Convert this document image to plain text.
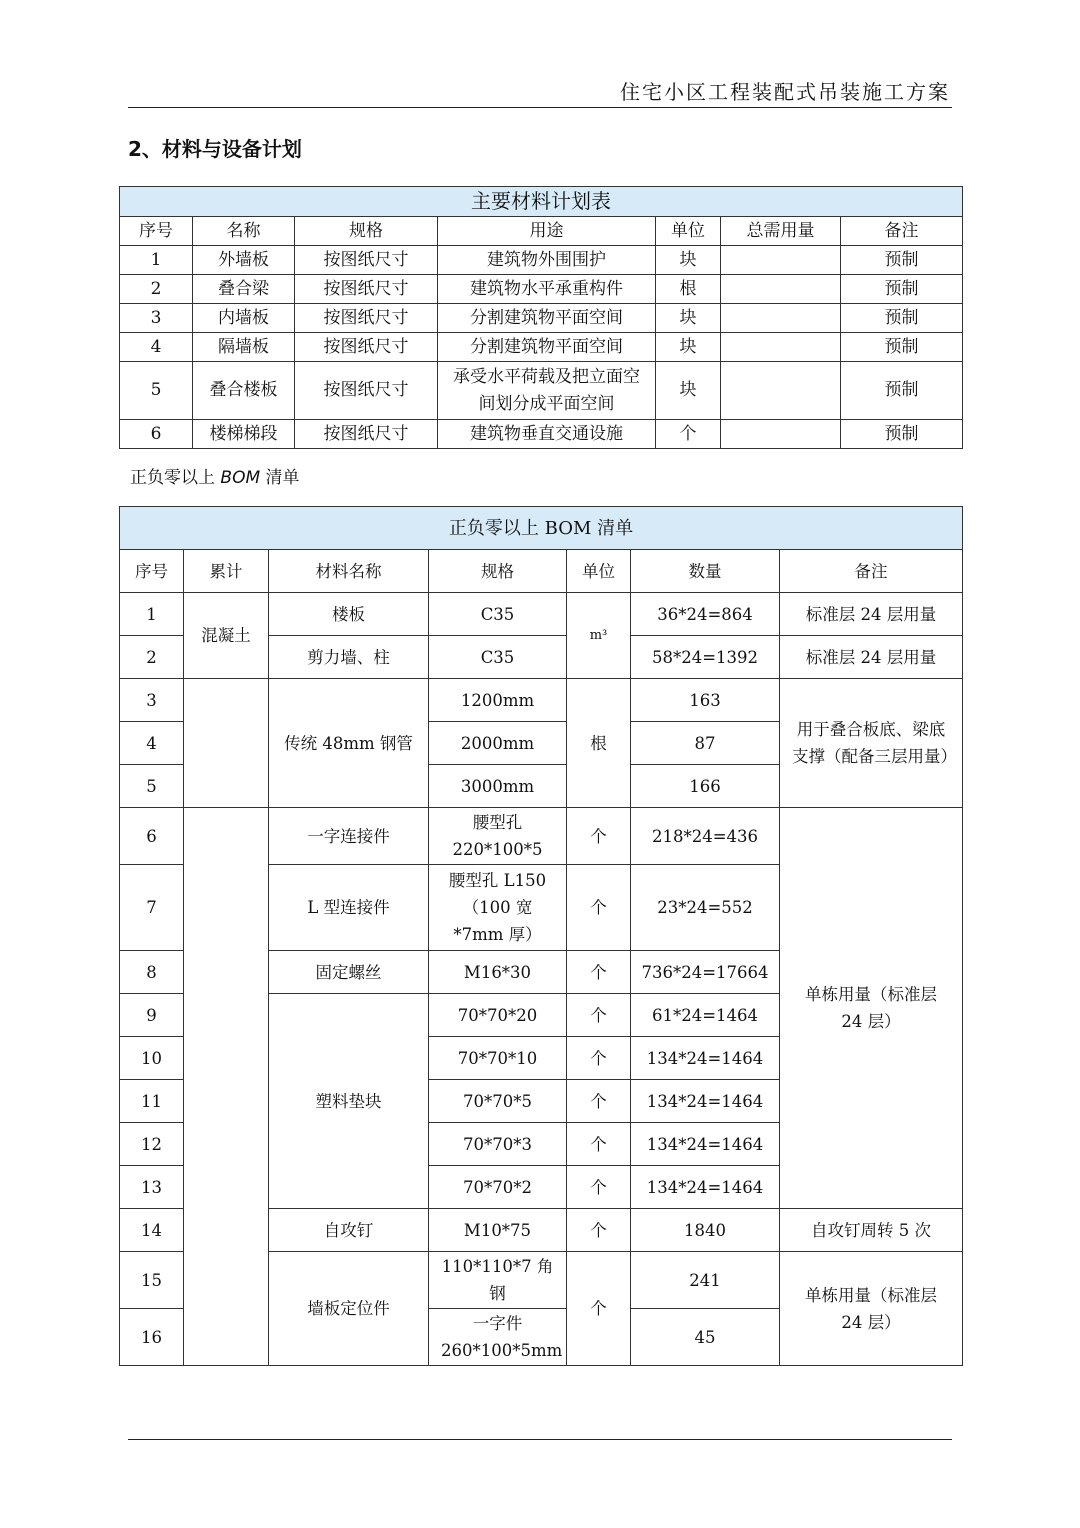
住宅小区工程装配式吊装施工方案
2、材料与设备计划
主要材料计划表						
序号	名称	规格	用途	单位	总需用量	备注
1	外墙板	按图纸尺寸	建筑物外围围护	块		预制
2	叠合梁	按图纸尺寸	建筑物水平承重构件	根		预制
3	内墙板	按图纸尺寸	分割建筑物平面空间	块		预制
4	隔墙板	按图纸尺寸	分割建筑物平面空间	块		预制
5	叠合楼板	按图纸尺寸	承受水平荷载及把立面空间划分成平面空间	块		预制
6	楼梯梯段	按图纸尺寸	建筑物垂直交通设施	个		预制
正负零以上 BOM 清单
正负零以上 BOM 清单						
序号	累计	材料名称	规格	单位	数量	备注
1	混凝土	楼板	C35	m³	36*24=864	标准层 24 层用量
2		剪力墙、柱	C35		58*24=1392	标准层 24 层用量
3		传统 48mm 钢管	1200mm	根	163	用于叠合板底、梁底支撑（配备三层用量）
4			2000mm		87	
5			3000mm		166	
6		一字连接件	腰型孔 220*100*5	个	218*24=436	单栋用量（标准层 24 层）
7		L 型连接件	腰型孔 L150（100 宽*7mm 厚）	个	23*24=552	
8		固定螺丝	M16*30	个	736*24=17664	
9		塑料垫块	70*70*20	个	61*24=1464	
10			70*70*10	个	134*24=1464	
11			70*70*5	个	134*24=1464	
12			70*70*3	个	134*24=1464	
13			70*70*2	个	134*24=1464	
14		自攻钉	M10*75	个	1840	自攻钉周转 5 次
15		墙板定位件	110*110*7 角钢	个	241	单栋用量（标准层 24 层）
16			一字件 260*100*5mm		45	
